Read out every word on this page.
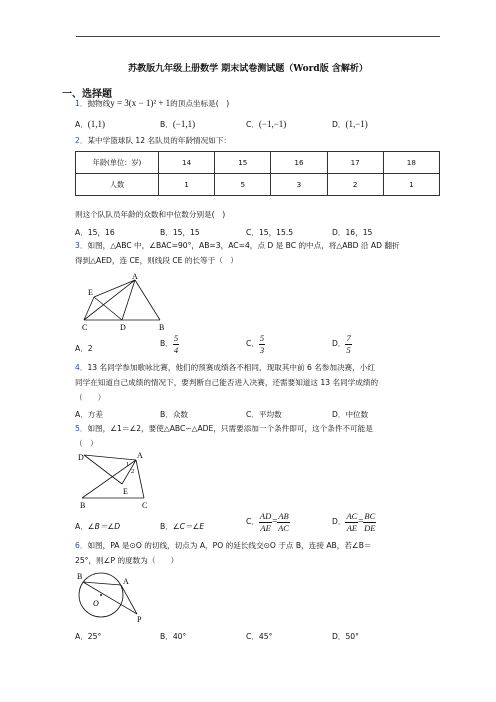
苏教版九年级上册数学 期末试卷测试题（Word版 含解析）
一、选择题
1．抛物线y = 3(x − 1)² + 1的顶点坐标是(　)
A．(1,1)	B．(−1,1)	C．(−1,−1)	D．(1,−1)
2．某中学篮球队 12 名队员的年龄情况如下：
年龄(单位：岁)	14	15	16	17	18
人数	1	5	3	2	1
则这个队队员年龄的众数和中位数分别是(　)
A．15，16	B．15，15	C．15，15.5	D．16，15
3．如图，△ABC 中，∠BAC=90°，AB=3，AC=4，点 D 是 BC 的中点，将△ABD 沿 AD 翻折
得到△AED，连 CE，则线段 CE 的长等于（　）
A
E
C	D	B
A．2
B． $\frac{5}{4}$	C． $\frac{5}{3}$	D． $\frac{7}{5}$
4．13 名同学参加歌咏比赛，他们的预赛成绩各不相同，现取其中前 6 名参加决赛，小红
同学在知道自己成绩的情况下，要判断自己能否进入决赛，还需要知道这 13 名同学成绩的
（　　）
A．方差	B．众数	C．平均数	D．中位数
5．如图，∠1＝∠2，要使△ABC∽△ADE，只需要添加一个条件即可，这个条件不可能是
（　）
D	A
1
2
E
B	C
A．∠B＝∠D	B．∠C＝∠E
C． $\frac{AD}{AE} = \frac{AB}{AC}$	D． $\frac{AC}{AE} = \frac{BC}{DE}$
6．如图，PA 是⊙O 的切线，切点为 A，PO 的延长线交⊙O 于点 B，连接 AB，若∠B＝
25°，则∠P 的度数为（　　）
B
O
A
P
A．25°	B．40°	C．45°	D．50°
